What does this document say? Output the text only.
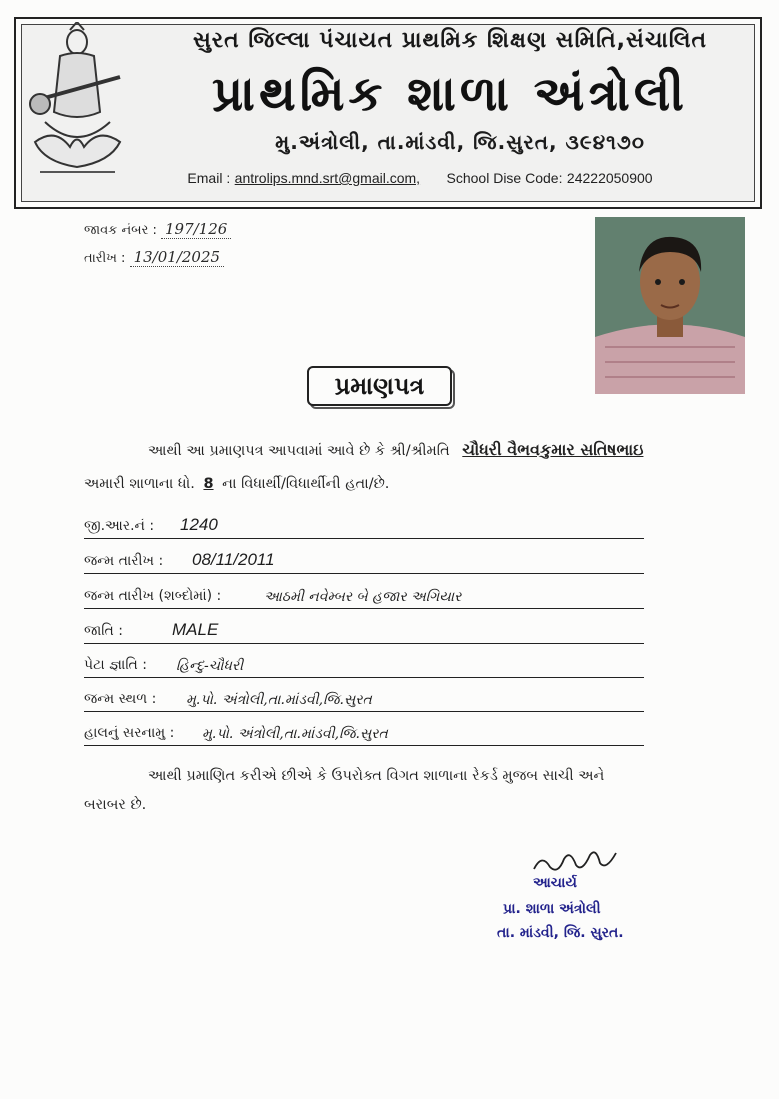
સુરત જિલ્લા પંચાયત પ્રાથમિક શિક્ષણ સમિતિ,સંચાલિત
પ્રાથમિક શાળા અંત્રોલી
મુ.અંત્રોલી, તા.માંડવી, જિ.સુરત, ૩૯૪૧૭૦
Email : antrolips.mnd.srt@gmail.com, School Dise Code: 24222050900
જાવક નંબર : 197/126
તારીખ : 13/01/2025
પ્રમાણપત્ર
આથી આ પ્રમાણપત્ર આપવામાં આવે છે કે શ્રી/શ્રીમતિ ચૌધરી વૈભવકુમાર સતિષભાઇ
અમારી શાળાના ધો. 8 ના વિધાર્થી/વિધાર્થીની હતા/છે.
જી.આર.નં : 1240
જન્મ તારીખ : 08/11/2011
જન્મ તારીખ (શબ્દોમાં) :	આઠમી નવેમ્બર બે હજાર અગિયાર
જાતિ :	MALE
પેટા જ્ઞાતિ : હિન્દુ-ચૌધરી
જન્મ સ્થળ : મુ.પો. અંત્રોલી,તા.માંડવી,જિ.સુરત
હાલનું સરનામુ : મુ.પો. અંત્રોલી,તા.માંડવી,જિ.સુરત
આથી પ્રમાણિત કરીએ છીએ કે ઉપરોક્ત વિગત શાળાના રેકર્ડ મુજબ સાચી અને
બરાબર છે.
આચાર્ય
પ્રા. શાળા અંત્રોલી
તા. માંડવી, જિ. સુરત.
